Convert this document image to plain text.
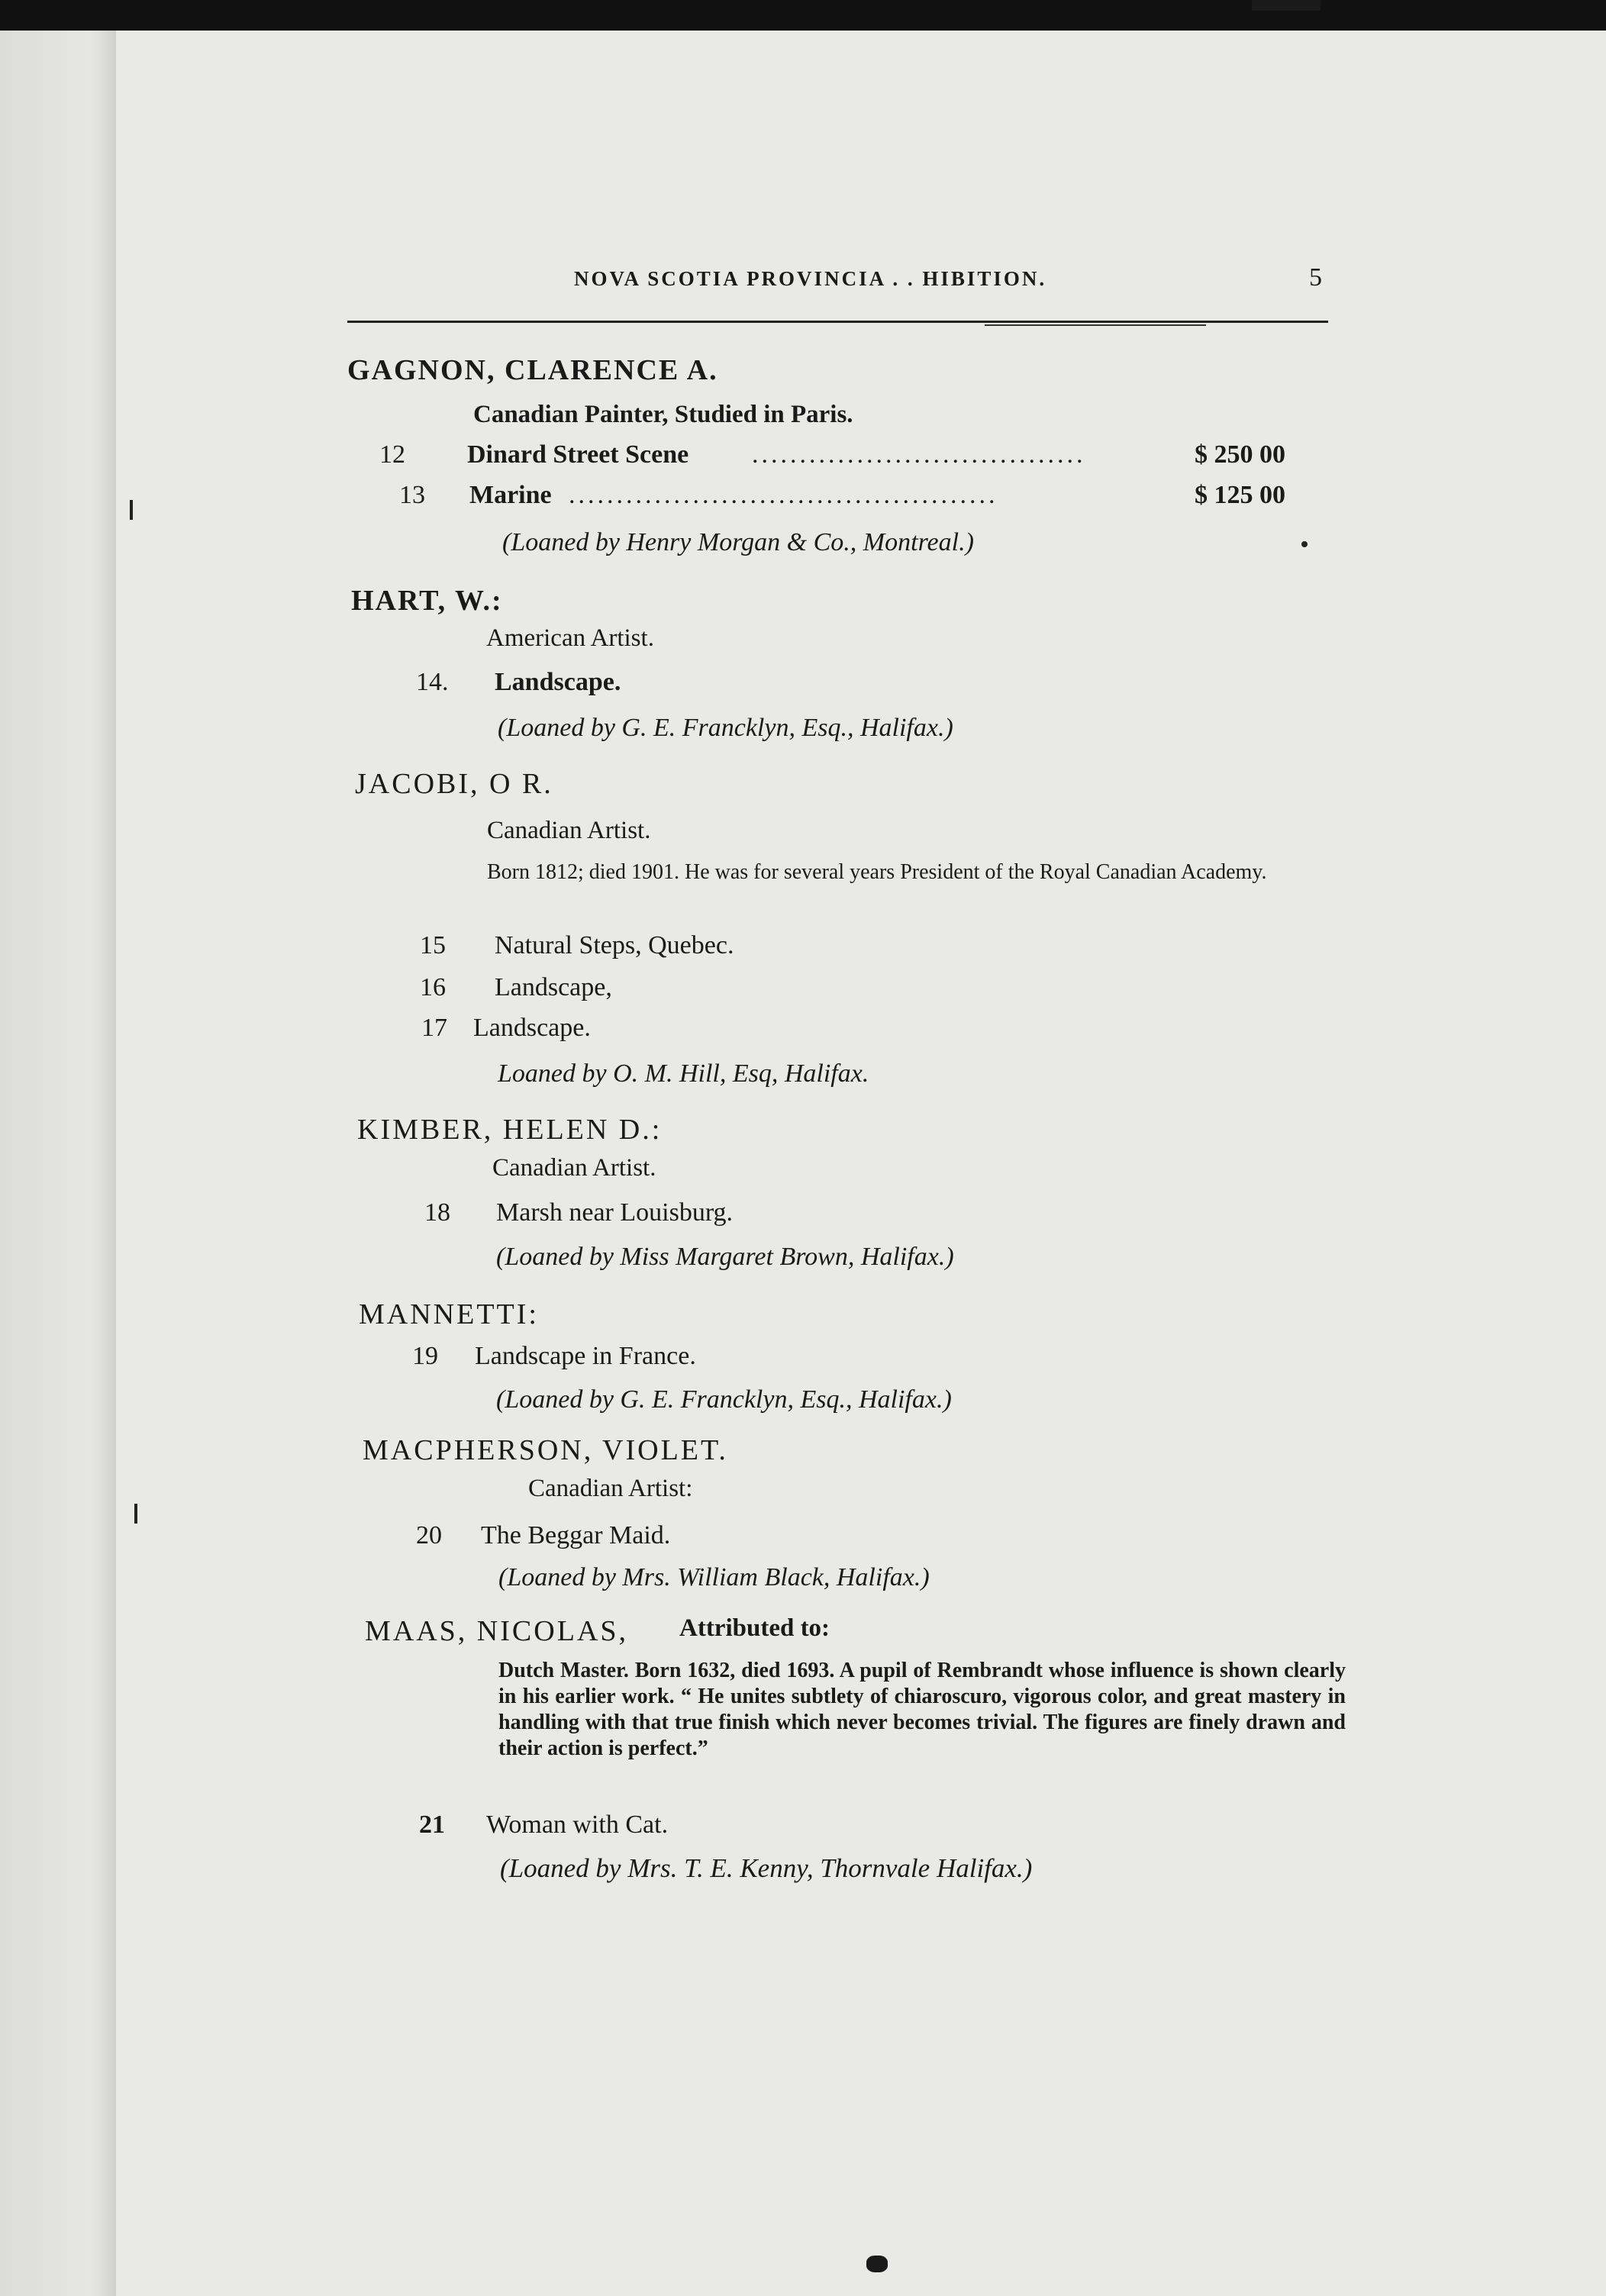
NOVA SCOTIA PROVINCIA . . HIBITION.	5
GAGNON, CLARENCE A.
Canadian Painter, Studied in Paris.
12 Dinard Street Scene ...................................	$ 250 00
13 Marine .............................................	$ 125 00
(Loaned by Henry Morgan & Co., Montreal.)
HART, W.:
American Artist.
14. Landscape.
(Loaned by G. E. Francklyn, Esq., Halifax.)
JACOBI, O R.
Canadian Artist.
Born 1812; died 1901. He was for several years President of the Royal Canadian Academy.
15 Natural Steps, Quebec.
16 Landscape,
17 Landscape.
Loaned by O. M. Hill, Esq, Halifax.
KIMBER, HELEN D.:
Canadian Artist.
18 Marsh near Louisburg.
(Loaned by Miss Margaret Brown, Halifax.)
MANNETTI:
19 Landscape in France.
(Loaned by G. E. Francklyn, Esq., Halifax.)
MACPHERSON, VIOLET.
Canadian Artist:
20 The Beggar Maid.
(Loaned by Mrs. William Black, Halifax.)
MAAS, NICOLAS, Attributed to:
Dutch Master. Born 1632, died 1693. A pupil of Rembrandt whose influence is shown clearly in his earlier work. “ He unites subtlety of chiaroscuro, vigorous color, and great mastery in handling with that true finish which never becomes trivial. The figures are finely drawn and their action is perfect.”
21 Woman with Cat.
(Loaned by Mrs. T. E. Kenny, Thornvale Halifax.)
